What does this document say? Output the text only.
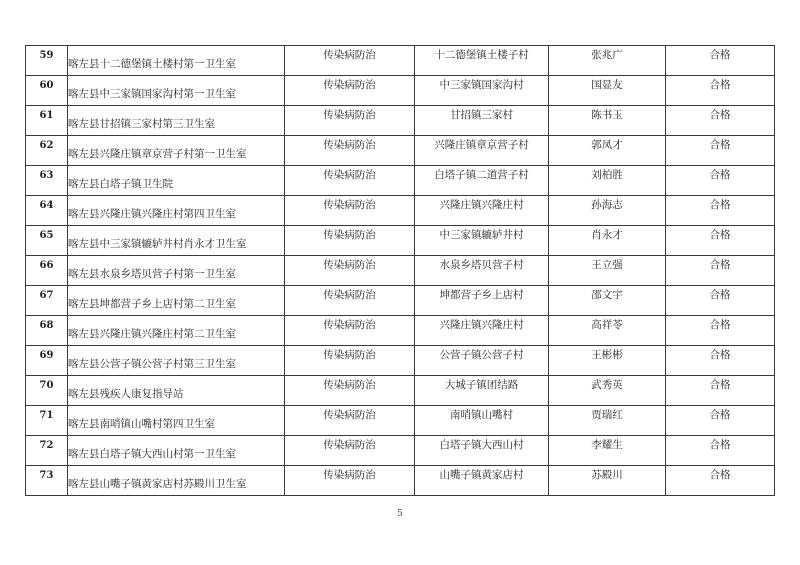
59	喀左县十二德堡镇土楼村第一卫生室	传染病防治	十二德堡镇土楼子村	张兆广	合格
60	喀左县中三家镇国家沟村第一卫生室	传染病防治	中三家镇国家沟村	国显友	合格
61	喀左县甘招镇三家村第三卫生室	传染病防治	甘招镇三家村	陈书玉	合格
62	喀左县兴隆庄镇章京营子村第一卫生室	传染病防治	兴隆庄镇章京营子村	郭凤才	合格
63	喀左县白塔子镇卫生院	传染病防治	白塔子镇二道营子村	刘柏胜	合格
64	喀左县兴隆庄镇兴隆庄村第四卫生室	传染病防治	兴隆庄镇兴隆庄村	孙海志	合格
65	喀左县中三家镇辘轳井村肖永才卫生室	传染病防治	中三家镇辘轳井村	肖永才	合格
66	喀左县水泉乡塔贝营子村第一卫生室	传染病防治	水泉乡塔贝营子村	王立强	合格
67	喀左县坤都营子乡上店村第二卫生室	传染病防治	坤都营子乡上店村	邵文宇	合格
68	喀左县兴隆庄镇兴隆庄村第二卫生室	传染病防治	兴隆庄镇兴隆庄村	高祥苓	合格
69	喀左县公营子镇公营子村第三卫生室	传染病防治	公营子镇公营子村	王彬彬	合格
70	喀左县残疾人康复指导站	传染病防治	大城子镇团结路	武秀英	合格
71	喀左县南哨镇山嘴村第四卫生室	传染病防治	南哨镇山嘴村	贾瑞红	合格
72	喀左县白塔子镇大西山村第一卫生室	传染病防治	白塔子镇大西山村	李耀生	合格
73	喀左县山嘴子镇黄家店村苏殿川卫生室	传染病防治	山嘴子镇黄家店村	苏殿川	合格
5
